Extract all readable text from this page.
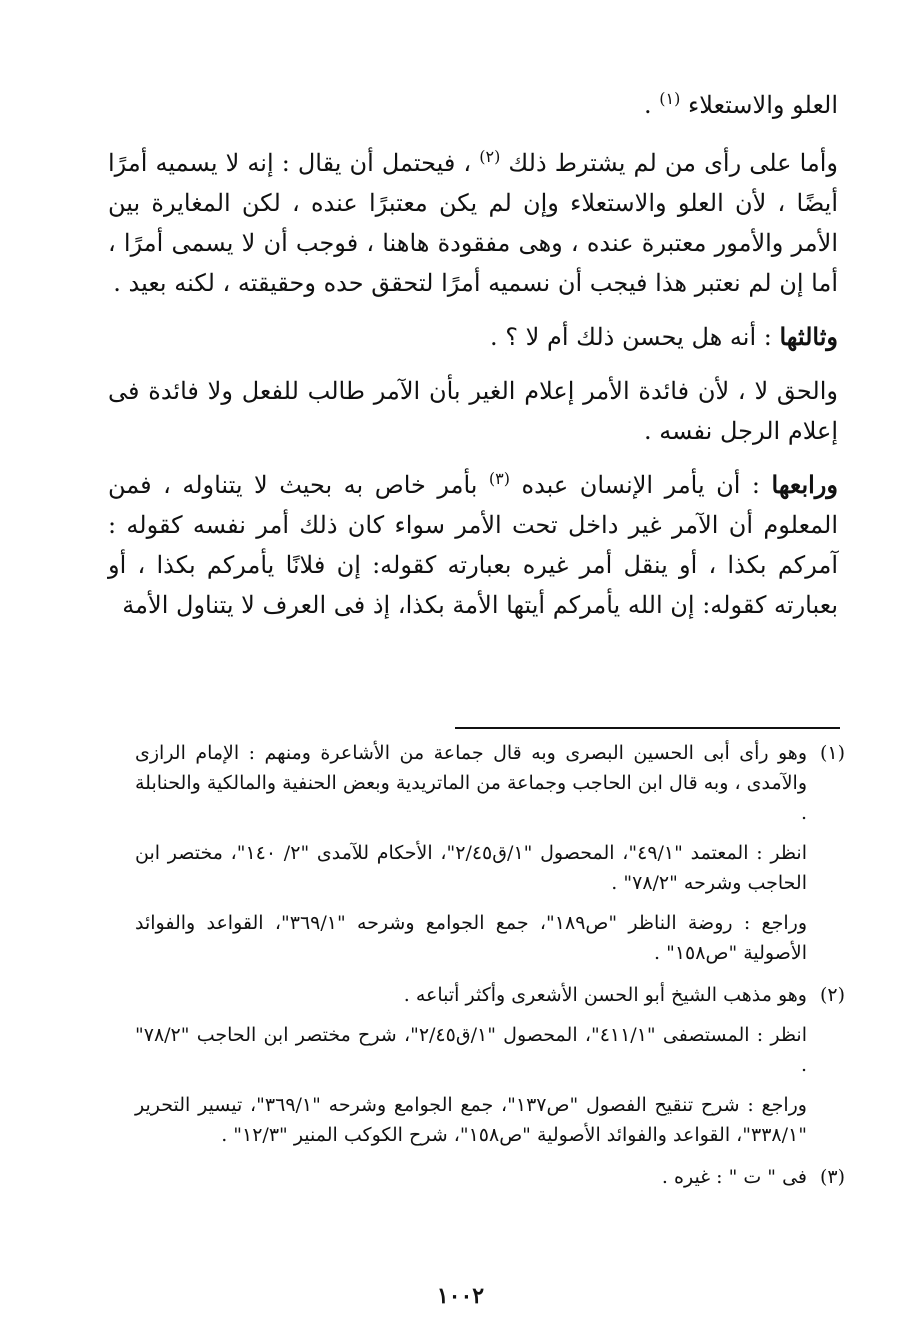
العلو والاستعلاء $^{(١)}$ .

وأما على رأى من لم يشترط ذلك $^{(٢)}$ ، فيحتمل أن يقال : إنه لا يسميه أمرًا أيضًا ، لأن العلو والاستعلاء وإن لم يكن معتبرًا عنده ، لكن المغايرة بين الأمر والأمور معتبرة عنده ، وهى مفقودة هاهنا ، فوجب أن لا يسمى أمرًا ، أما إن لم نعتبر هذا فيجب أن نسميه أمرًا لتحقق حده وحقيقته ، لكنه بعيد .

وثالثها : أنه هل يحسن ذلك أم لا ؟ .

والحق لا ، لأن فائدة الأمر إعلام الغير بأن الآمر طالب للفعل ولا فائدة فى إعلام الرجل نفسه .

ورابعها : أن يأمر الإنسان عبده $^{(٣)}$ بأمر خاص به بحيث لا يتناوله ، فمن المعلوم أن الآمر غير داخل تحت الأمر سواء كان ذلك أمر نفسه كقوله : آمركم بكذا ، أو ينقل أمر غيره بعبارته كقوله: إن فلانًا يأمركم بكذا ، أو بعبارته كقوله: إن الله يأمركم أيتها الأمة بكذا، إذ فى العرف لا يتناول الأمة

(١)

وهو رأى أبى الحسين البصرى وبه قال جماعة من الأشاعرة ومنهم : الإمام الرازى والآمدى ، وبه قال ابن الحاجب وجماعة من الماتريدية وبعض الحنفية والمالكية والحنابلة .

انظر : المعتمد "٤٩/١"، المحصول "١/ق٢/٤٥"، الأحكام للآمدى "٢/ ١٤٠"، مختصر ابن الحاجب وشرحه "٧٨/٢" .

وراجع : روضة الناظر "ص١٨٩"، جمع الجوامع وشرحه "٣٦٩/١"، القواعد والفوائد الأصولية "ص١٥٨" .

(٢)

وهو مذهب الشيخ أبو الحسن الأشعرى وأكثر أتباعه .

انظر : المستصفى "٤١١/١"، المحصول "١/ق٢/٤٥"، شرح مختصر ابن الحاجب "٧٨/٢" .

وراجع : شرح تنقيح الفصول "ص١٣٧"، جمع الجوامع وشرحه "٣٦٩/١"، تيسير التحرير "٣٣٨/١"، القواعد والفوائد الأصولية "ص١٥٨"، شرح الكوكب المنير "١٢/٣" .

(٣)

فى " ت " : غيره .

١٠٠٢
